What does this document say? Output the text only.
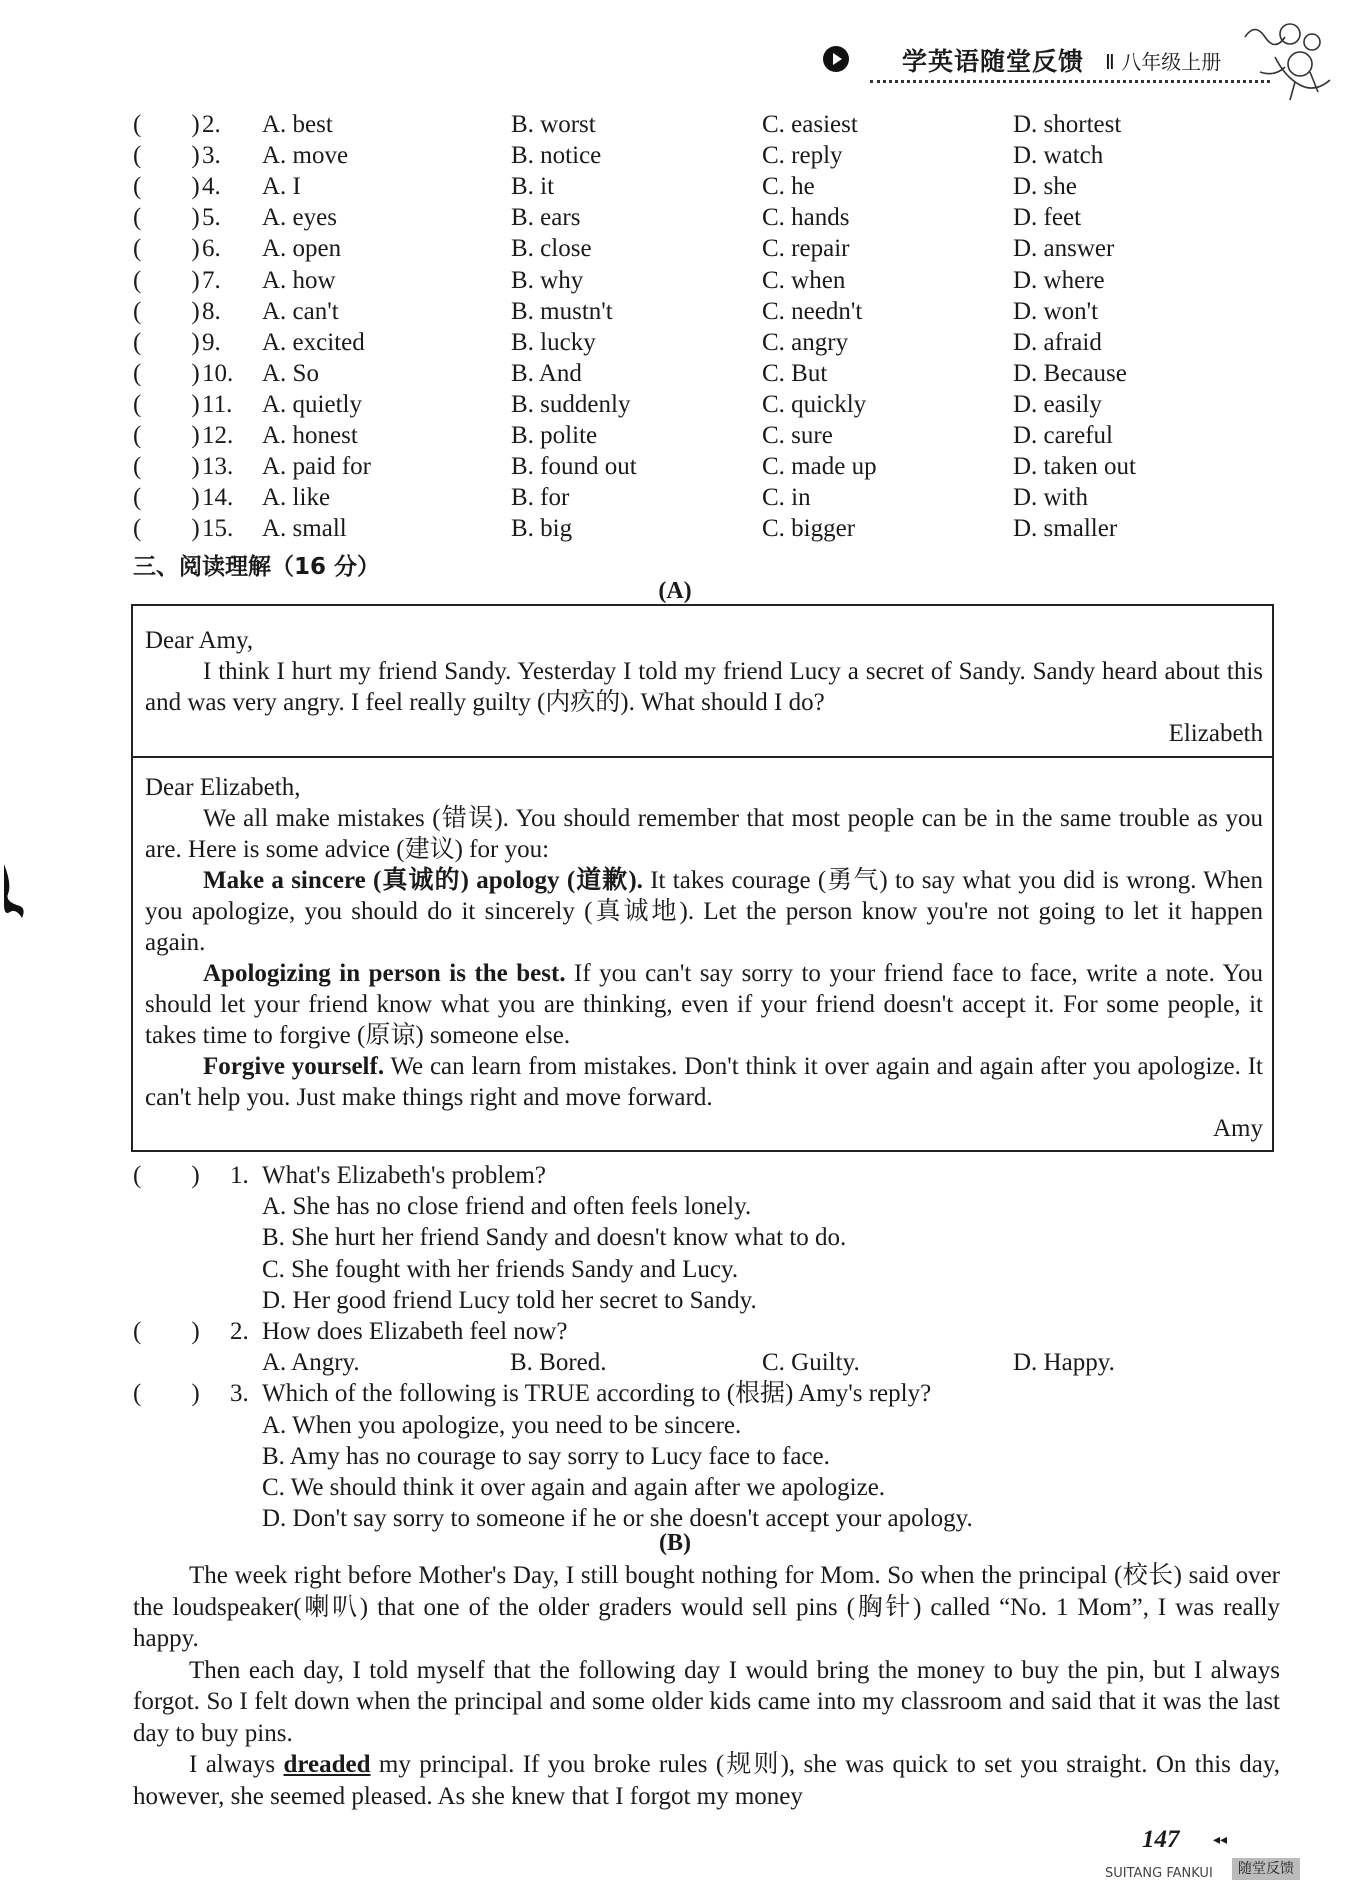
学英语随堂反馈 Ⅱ 八年级上册
(　　) 2. A. best	B. worst	C. easiest	D. shortest
(　　) 3. A. move	B. notice	C. reply	D. watch
(　　) 4. A. I	B. it	C. he	D. she
(　　) 5. A. eyes	B. ears	C. hands	D. feet
(　　) 6. A. open	B. close	C. repair	D. answer
(　　) 7. A. how	B. why	C. when	D. where
(　　) 8. A. can't	B. mustn't	C. needn't	D. won't
(　　) 9. A. excited	B. lucky	C. angry	D. afraid
(　　) 10. A. So	B. And	C. But	D. Because
(　　) 11. A. quietly	B. suddenly	C. quickly	D. easily
(　　) 12. A. honest	B. polite	C. sure	D. careful
(　　) 13. A. paid for	B. found out	C. made up	D. taken out
(　　) 14. A. like	B. for	C. in	D. with
(　　) 15. A. small	B. big	C. bigger	D. smaller
三、阅读理解（16 分）
(A)

Dear Amy,

I think I hurt my friend Sandy. Yesterday I told my friend Lucy a secret of Sandy. Sandy heard about this and was very angry. I feel really guilty (内疚的). What should I do?

Elizabeth

Dear Elizabeth,

We all make mistakes (错误). You should remember that most people can be in the same trouble as you are. Here is some advice (建议) for you:

Make a sincere (真诚的) apology (道歉). It takes courage (勇气) to say what you did is wrong. When you apologize, you should do it sincerely (真诚地). Let the person know you're not going to let it happen again.

Apologizing in person is the best. If you can't say sorry to your friend face to face, write a note. You should let your friend know what you are thinking, even if your friend doesn't accept it. For some people, it takes time to forgive (原谅) someone else.

Forgive yourself. We can learn from mistakes. Don't think it over again and again after you apologize. It can't help you. Just make things right and move forward.

Amy

(　　) 1. What's Elizabeth's problem?
A. She has no close friend and often feels lonely.
B. She hurt her friend Sandy and doesn't know what to do.
C. She fought with her friends Sandy and Lucy.
D. Her good friend Lucy told her secret to Sandy.
(　　) 2. How does Elizabeth feel now?
A. Angry.	B. Bored.	C. Guilty.	D. Happy.
(　　) 3. Which of the following is TRUE according to (根据) Amy's reply?
A. When you apologize, you need to be sincere.
B. Amy has no courage to say sorry to Lucy face to face.
C. We should think it over again and again after we apologize.
D. Don't say sorry to someone if he or she doesn't accept your apology.
(B)

The week right before Mother's Day, I still bought nothing for Mom. So when the principal (校长) said over the loudspeaker(喇叭) that one of the older graders would sell pins (胸针) called “No. 1 Mom”, I was really happy.

Then each day, I told myself that the following day I would bring the money to buy the pin, but I always forgot. So I felt down when the principal and some older kids came into my classroom and said that it was the last day to buy pins.

I always dreaded my principal. If you broke rules (规则), she was quick to set you straight. On this day, however, she seemed pleased. As she knew that I forgot my money

147 ◂◂
SUITANG FANKUI	随堂反馈
